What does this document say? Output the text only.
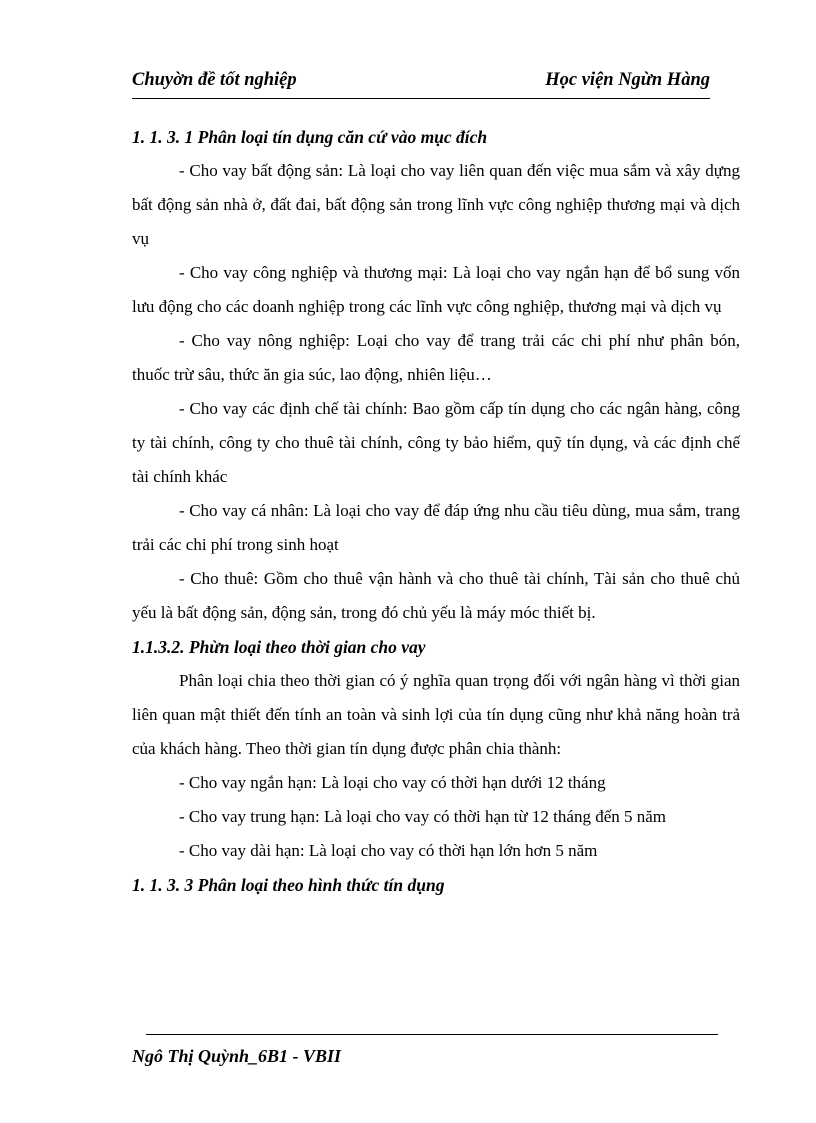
Chuyờn đề tốt nghiệp	Học viện Ngừn Hàng

1. 1. 3. 1 Phân loại tín dụng căn cứ vào mục đích

- Cho vay bất động sản: Là loại cho vay liên quan đến việc mua sắm và xây dựng bất động sản nhà ở, đất đai, bất động sản trong lĩnh vực công nghiệp thương mại và dịch vụ

- Cho vay công nghiệp và thương mại: Là loại cho vay ngắn hạn để bổ sung vốn lưu động cho các doanh nghiệp trong các lĩnh vực công nghiệp, thương mại và dịch vụ

- Cho vay nông nghiệp: Loại cho vay để trang trải các chi phí như phân bón, thuốc trừ sâu, thức ăn gia súc, lao động, nhiên liệu…

- Cho vay các định chế tài chính: Bao gồm cấp tín dụng cho các ngân hàng, công ty tài chính, công ty cho thuê tài chính, công ty bảo hiểm, quỹ tín dụng, và các định chế tài chính khác

- Cho vay cá nhân: Là loại cho vay để đáp ứng nhu cầu tiêu dùng, mua sắm, trang trải các chi phí trong sinh hoạt

- Cho thuê: Gồm cho thuê vận hành và cho thuê tài chính, Tài sản cho thuê chủ yếu là bất động sản, động sản, trong đó chủ yếu là máy móc thiết bị.

1.1.3.2. Phừn loại theo thời gian cho vay

Phân loại chia theo thời gian có ý nghĩa quan trọng đối với ngân hàng vì thời gian liên quan mật thiết đến tính an toàn và sinh lợi của tín dụng cũng như khả năng hoàn trả của khách hàng. Theo thời gian tín dụng được phân chia thành:

- Cho vay ngắn hạn: Là loại cho vay có thời hạn dưới 12 tháng

- Cho vay trung hạn: Là loại cho vay có thời hạn từ 12 tháng đến 5 năm

- Cho vay dài hạn: Là loại cho vay có thời hạn lớn hơn 5 năm

1. 1. 3. 3 Phân loại theo hình thức tín dụng

Ngô Thị Quỳnh_6B1 - VBII
